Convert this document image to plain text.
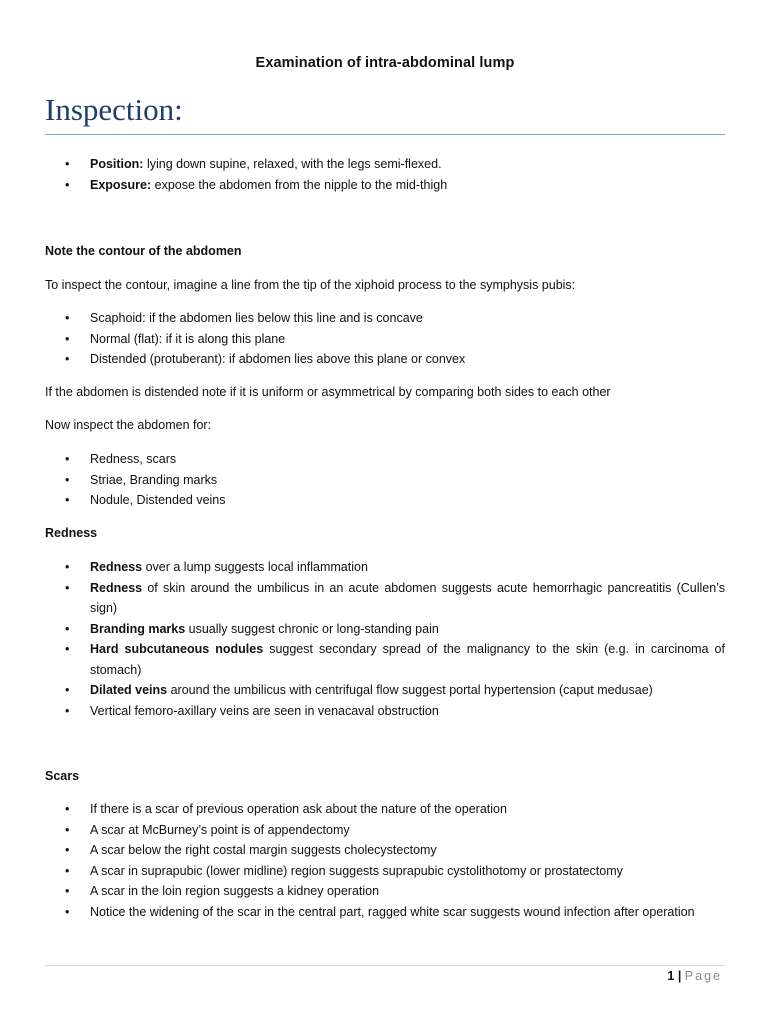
Examination of intra-abdominal lump
Inspection:
• Position: lying down supine, relaxed, with the legs semi-flexed.
• Exposure: expose the abdomen from the nipple to the mid-thigh

Note the contour of the abdomen

To inspect the contour, imagine a line from the tip of the xiphoid process to the symphysis pubis:

• Scaphoid: if the abdomen lies below this line and is concave
• Normal (flat): if it is along this plane
• Distended (protuberant): if abdomen lies above this plane or convex

If the abdomen is distended note if it is uniform or asymmetrical by comparing both sides to each other

Now inspect the abdomen for:

• Redness, scars
• Striae, Branding marks
• Nodule, Distended veins

Redness

• Redness over a lump suggests local inflammation
• Redness of skin around the umbilicus in an acute abdomen suggests acute hemorrhagic pancreatitis (Cullen’s sign)
• Branding marks usually suggest chronic or long-standing pain
• Hard subcutaneous nodules suggest secondary spread of the malignancy to the skin (e.g. in carcinoma of stomach)
• Dilated veins around the umbilicus with centrifugal flow suggest portal hypertension (caput medusae)
• Vertical femoro-axillary veins are seen in venacaval obstruction

Scars

• If there is a scar of previous operation ask about the nature of the operation
• A scar at McBurney’s point is of appendectomy
• A scar below the right costal margin suggests cholecystectomy
• A scar in suprapubic (lower midline) region suggests suprapubic cystolithotomy or prostatectomy
• A scar in the loin region suggests a kidney operation
• Notice the widening of the scar in the central part, ragged white scar suggests wound infection after operation
1 | Page
